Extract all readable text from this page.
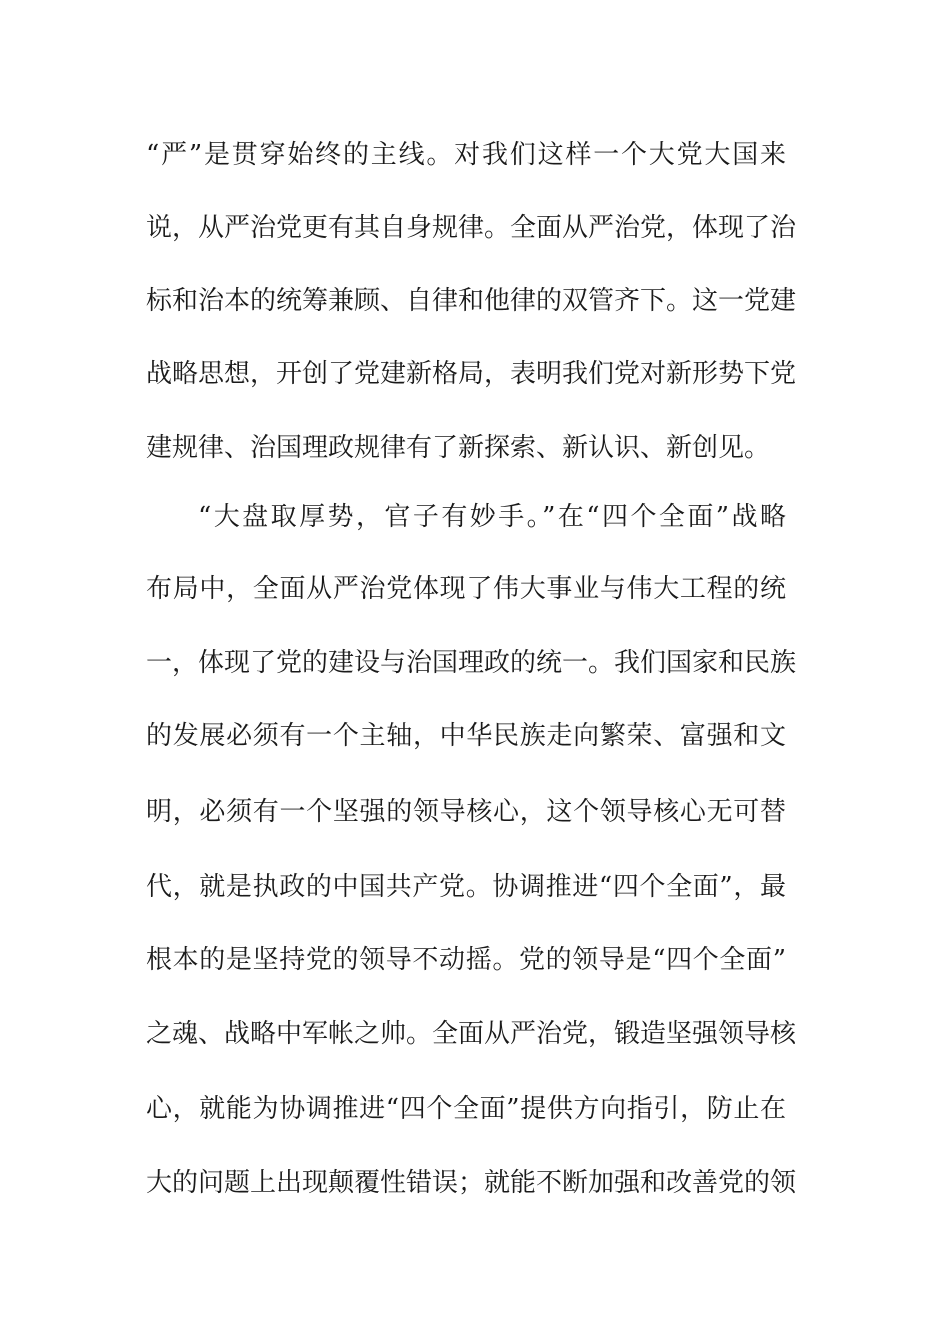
“严”是贯穿始终的主线。对我们这样一个大党大国来
说，从严治党更有其自身规律。全面从严治党，体现了治
标和治本的统筹兼顾、自律和他律的双管齐下。这一党建
战略思想，开创了党建新格局，表明我们党对新形势下党
建规律、治国理政规律有了新探索、新认识、新创见。
“大盘取厚势，官子有妙手。”在“四个全面”战略
布局中，全面从严治党体现了伟大事业与伟大工程的统
一，体现了党的建设与治国理政的统一。我们国家和民族
的发展必须有一个主轴，中华民族走向繁荣、富强和文
明，必须有一个坚强的领导核心，这个领导核心无可替
代，就是执政的中国共产党。协调推进“四个全面”，最
根本的是坚持党的领导不动摇。党的领导是“四个全面”
之魂、战略中军帐之帅。全面从严治党，锻造坚强领导核
心，就能为协调推进“四个全面”提供方向指引，防止在
大的问题上出现颠覆性错误；就能不断加强和改善党的领
